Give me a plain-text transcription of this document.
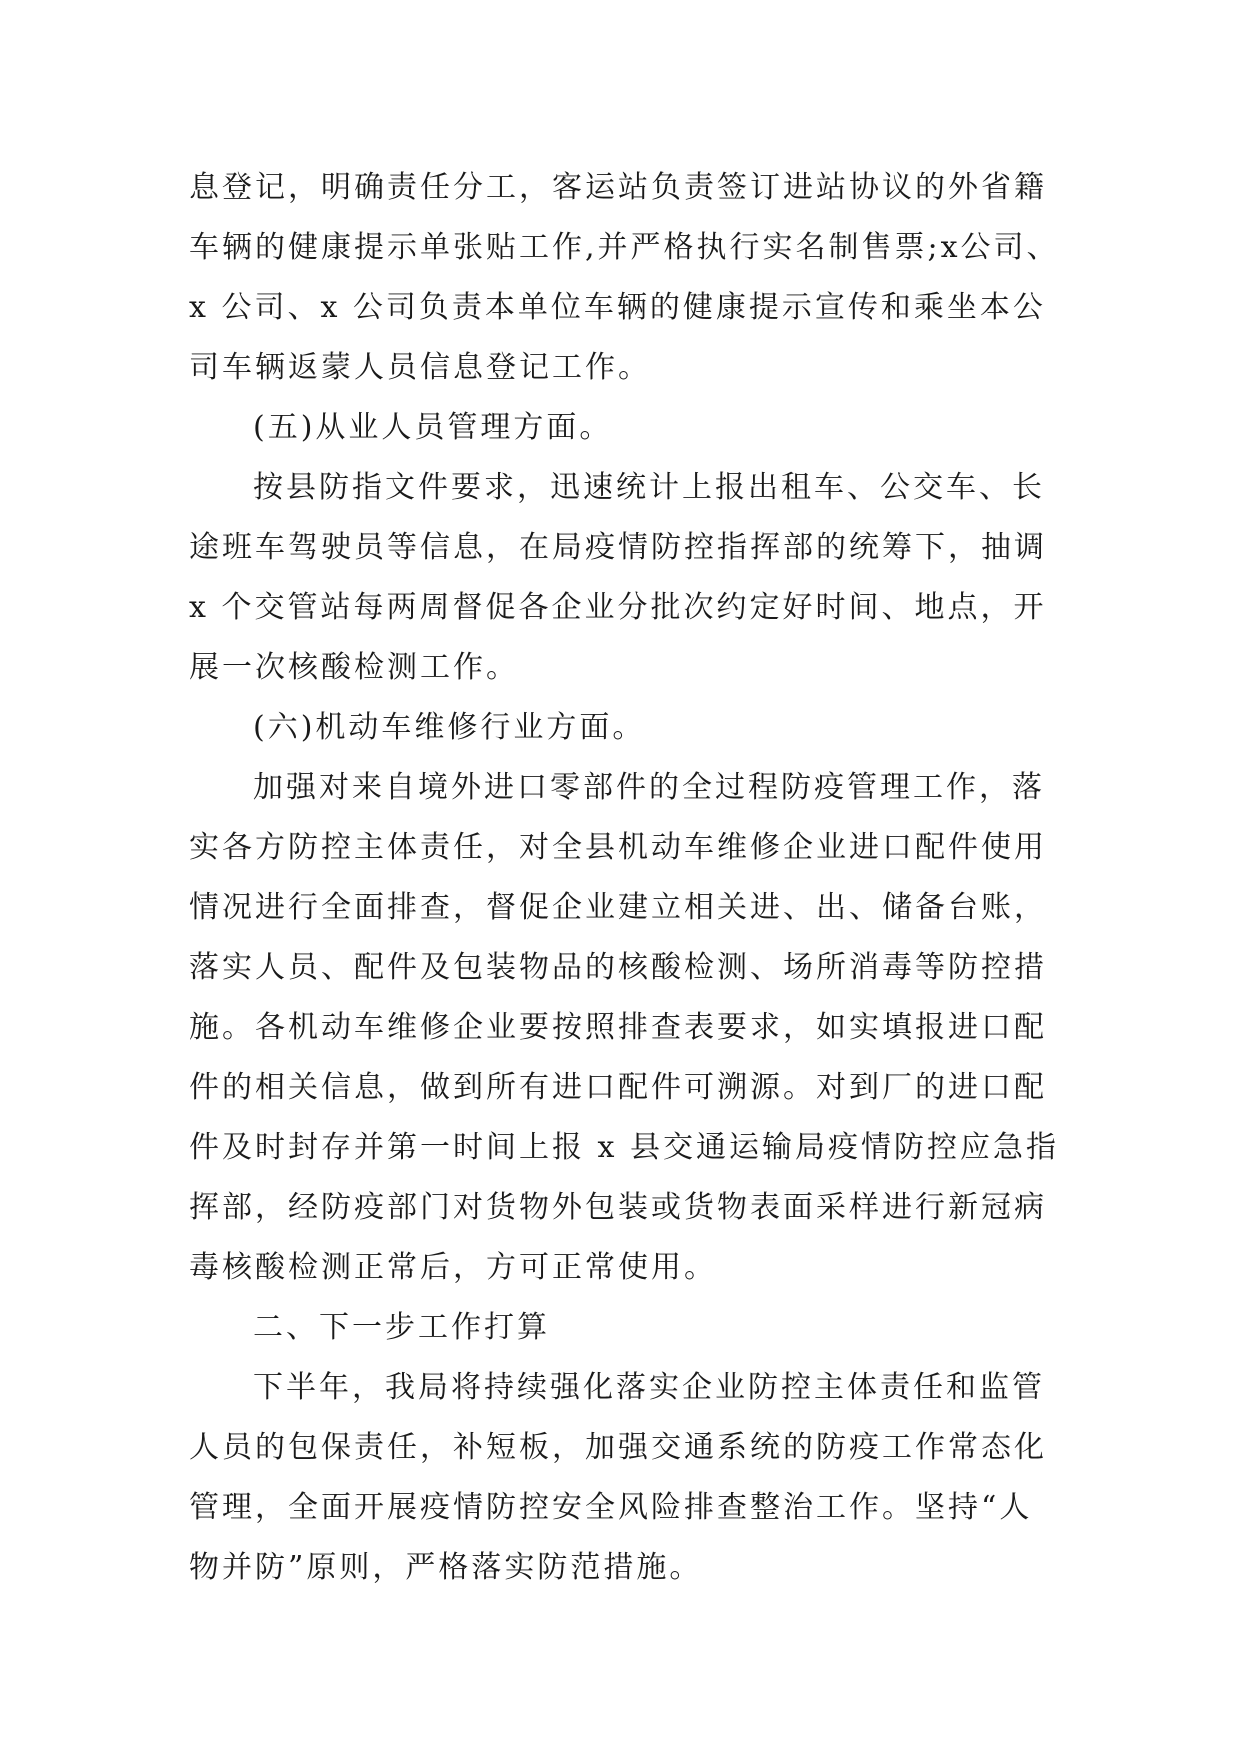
息登记，明确责任分工，客运站负责签订进站协议的外省籍
车辆的健康提示单张贴工作,并严格执行实名制售票;x公司、
x 公司、x 公司负责本单位车辆的健康提示宣传和乘坐本公
司车辆返蒙人员信息登记工作。
(五)从业人员管理方面。
按县防指文件要求，迅速统计上报出租车、公交车、长
途班车驾驶员等信息，在局疫情防控指挥部的统筹下，抽调
x 个交管站每两周督促各企业分批次约定好时间、地点，开
展一次核酸检测工作。
(六)机动车维修行业方面。
加强对来自境外进口零部件的全过程防疫管理工作，落
实各方防控主体责任，对全县机动车维修企业进口配件使用
情况进行全面排查，督促企业建立相关进、出、储备台账，
落实人员、配件及包装物品的核酸检测、场所消毒等防控措
施。各机动车维修企业要按照排查表要求，如实填报进口配
件的相关信息，做到所有进口配件可溯源。对到厂的进口配
件及时封存并第一时间上报 x 县交通运输局疫情防控应急指
挥部，经防疫部门对货物外包装或货物表面采样进行新冠病
毒核酸检测正常后，方可正常使用。
二、下一步工作打算
下半年，我局将持续强化落实企业防控主体责任和监管
人员的包保责任，补短板，加强交通系统的防疫工作常态化
管理，全面开展疫情防控安全风险排查整治工作。坚持“人
物并防”原则，严格落实防范措施。
